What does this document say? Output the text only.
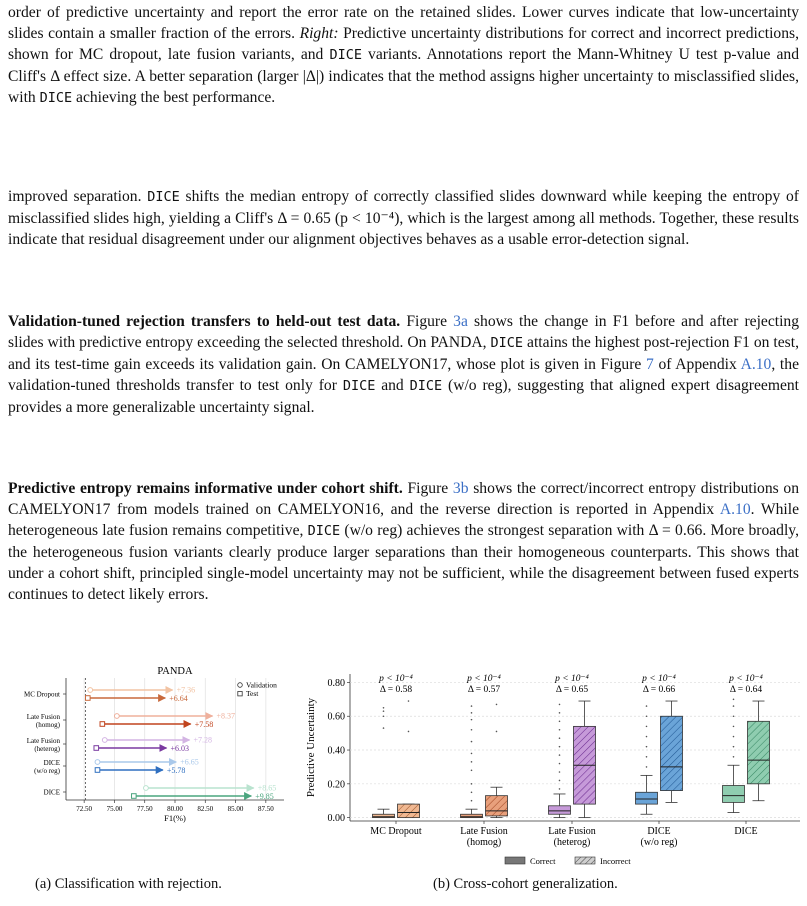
order of predictive uncertainty and report the error rate on the retained slides. Lower curves indicate that low-uncertainty slides contain a smaller fraction of the errors. Right: Predictive uncertainty distributions for correct and incorrect predictions, shown for MC dropout, late fusion variants, and DICE variants. Annotations report the Mann-Whitney U test p-value and Cliff's Δ effect size. A better separation (larger |Δ|) indicates that the method assigns higher uncertainty to misclassified slides, with DICE achieving the best performance.

improved separation. DICE shifts the median entropy of correctly classified slides downward while keeping the entropy of misclassified slides high, yielding a Cliff's Δ = 0.65 (p < 10⁻⁴), which is the largest among all methods. Together, these results indicate that residual disagreement under our alignment objectives behaves as a usable error-detection signal.

Validation-tuned rejection transfers to held-out test data. Figure 3a shows the change in F1 before and after rejecting slides with predictive entropy exceeding the selected threshold. On PANDA, DICE attains the highest post-rejection F1 on test, and its test-time gain exceeds its validation gain. On CAMELYON17, whose plot is given in Figure 7 of Appendix A.10, the validation-tuned thresholds transfer to test only for DICE and DICE (w/o reg), suggesting that aligned expert disagreement provides a more generalizable uncertainty signal.

Predictive entropy remains informative under cohort shift. Figure 3b shows the correct/incorrect entropy distributions on CAMELYON17 from models trained on CAMELYON16, and the reverse direction is reported in Appendix A.10. While heterogeneous late fusion remains competitive, DICE (w/o reg) achieves the strongest separation with Δ = 0.66. More broadly, the heterogeneous fusion variants clearly produce larger separations than their homogeneous counterparts. This shows that under a cohort shift, principled single-model uncertainty may not be sufficient, while the disagreement between fused experts continues to detect likely errors.

PANDA
72.50 75.00 77.50 80.00 82.50 85.00 87.50
F1(%)
MC Dropout	+7.36
+6.64
Late Fusion
(homog)
+8.37
+7.58
Late Fusion
(heterog)
+7.28
+6.03
DICE
(w/o reg)
+6.65
+5.78
DICE	+8.65
+9.85
Validation
Test
0.00
0.20
0.40
0.60
0.80
Predictive Uncertainty
p < 10⁻⁴
Δ = 0.58
MC Dropout
p < 10⁻⁴
Δ = 0.57
Late Fusion
(homog)
p < 10⁻⁴
Δ = 0.65
Late Fusion
(heterog)
p < 10⁻⁴
Δ = 0.66
DICE
(w/o reg)
p < 10⁻⁴
Δ = 0.64
DICE
Correct	Incorrect

(a) Classification with rejection.	(b) Cross-cohort generalization.
